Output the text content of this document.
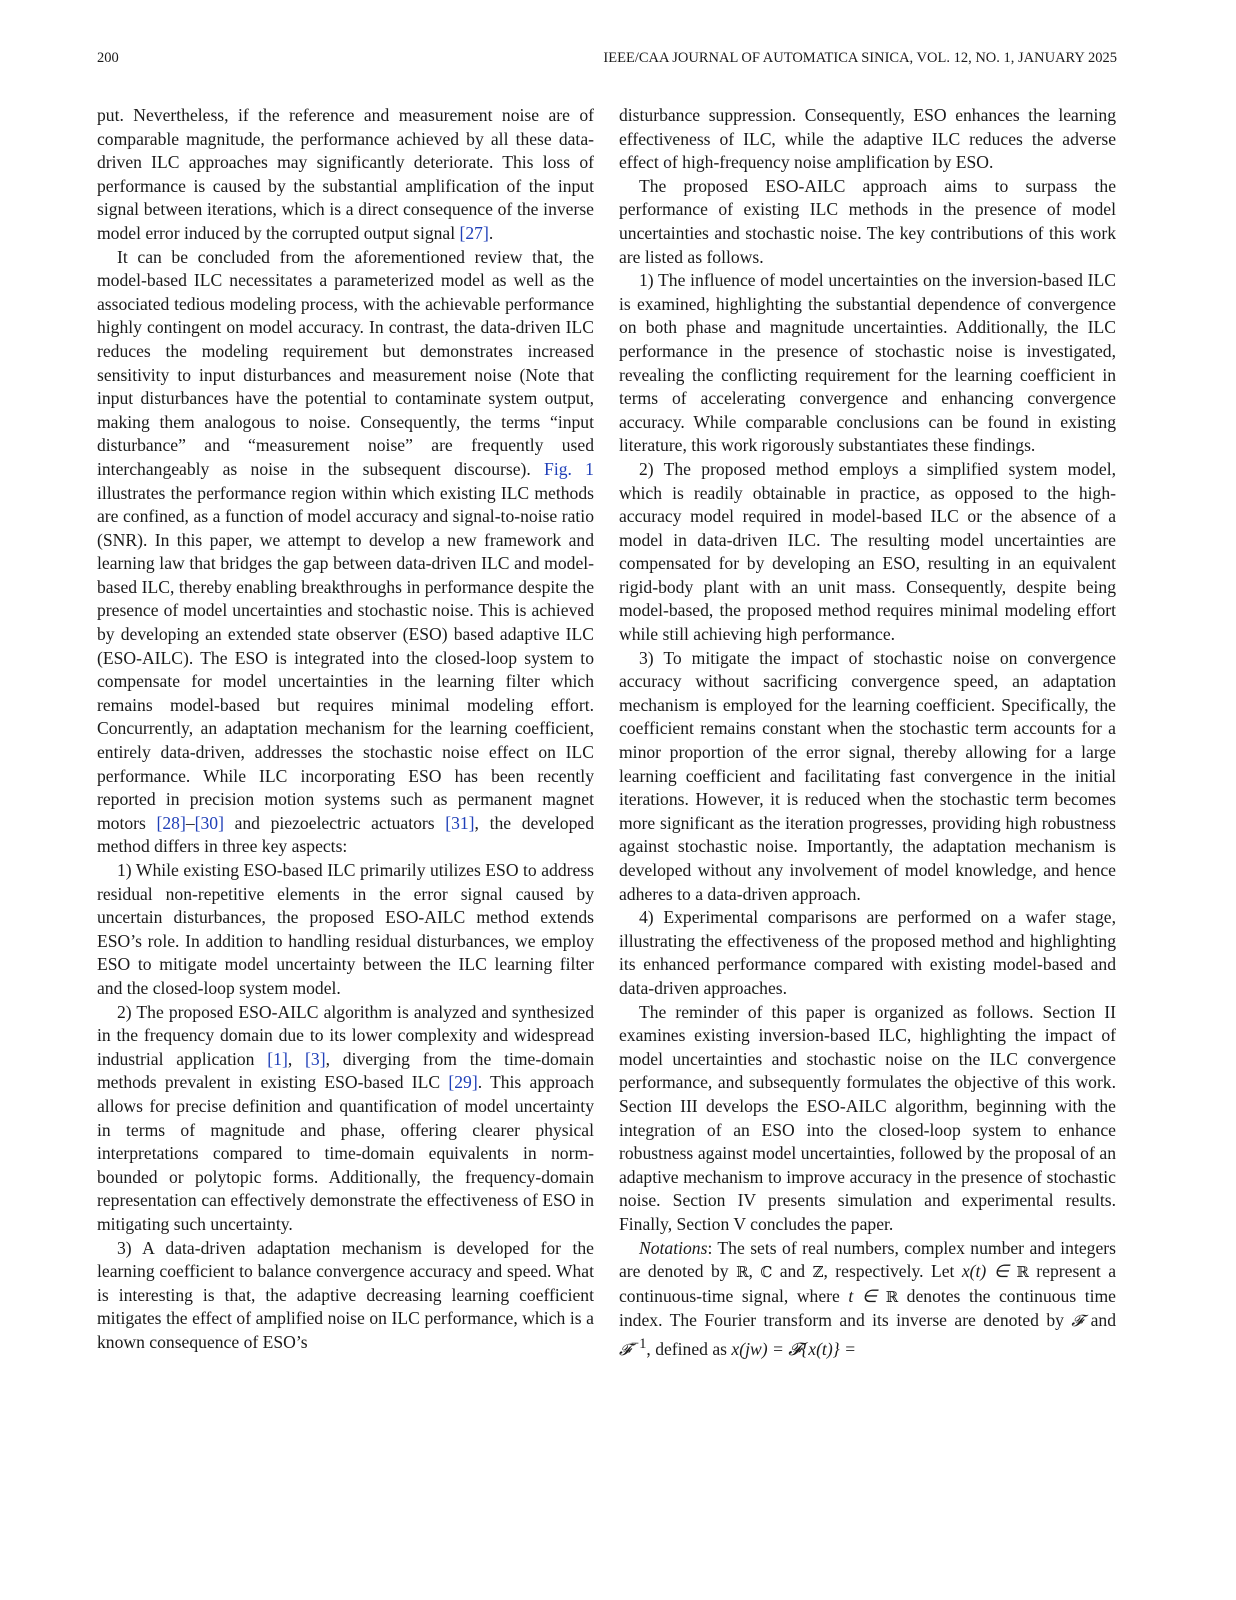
200	IEEE/CAA JOURNAL OF AUTOMATICA SINICA, VOL. 12, NO. 1, JANUARY 2025

put. Nevertheless, if the reference and measurement noise are of comparable magnitude, the performance achieved by all these data-driven ILC approaches may significantly deteriorate. This loss of performance is caused by the substantial amplification of the input signal between iterations, which is a direct consequence of the inverse model error induced by the corrupted output signal [27].

It can be concluded from the aforementioned review that, the model-based ILC necessitates a parameterized model as well as the associated tedious modeling process, with the achievable performance highly contingent on model accuracy. In contrast, the data-driven ILC reduces the modeling requirement but demonstrates increased sensitivity to input disturbances and measurement noise (Note that input disturbances have the potential to contaminate system output, making them analogous to noise. Consequently, the terms “input disturbance” and “measurement noise” are frequently used interchangeably as noise in the subsequent discourse). Fig. 1 illustrates the performance region within which existing ILC methods are confined, as a function of model accuracy and signal-to-noise ratio (SNR). In this paper, we attempt to develop a new framework and learning law that bridges the gap between data-driven ILC and model-based ILC, thereby enabling breakthroughs in performance despite the presence of model uncertainties and stochastic noise. This is achieved by developing an extended state observer (ESO) based adaptive ILC (ESO-AILC). The ESO is integrated into the closed-loop system to compensate for model uncertainties in the learning filter which remains model-based but requires minimal modeling effort. Concurrently, an adaptation mechanism for the learning coefficient, entirely data-driven, addresses the stochastic noise effect on ILC performance. While ILC incorporating ESO has been recently reported in precision motion systems such as permanent magnet motors [28]–[30] and piezoelectric actuators [31], the developed method differs in three key aspects:

1) While existing ESO-based ILC primarily utilizes ESO to address residual non-repetitive elements in the error signal caused by uncertain disturbances, the proposed ESO-AILC method extends ESO’s role. In addition to handling residual disturbances, we employ ESO to mitigate model uncertainty between the ILC learning filter and the closed-loop system model.

2) The proposed ESO-AILC algorithm is analyzed and synthesized in the frequency domain due to its lower complexity and widespread industrial application [1], [3], diverging from the time-domain methods prevalent in existing ESO-based ILC [29]. This approach allows for precise definition and quantification of model uncertainty in terms of magnitude and phase, offering clearer physical interpretations compared to time-domain equivalents in norm-bounded or polytopic forms. Additionally, the frequency-domain representation can effectively demonstrate the effectiveness of ESO in mitigating such uncertainty.

3) A data-driven adaptation mechanism is developed for the learning coefficient to balance convergence accuracy and speed. What is interesting is that, the adaptive decreasing learning coefficient mitigates the effect of amplified noise on ILC performance, which is a known consequence of ESO’s

disturbance suppression. Consequently, ESO enhances the learning effectiveness of ILC, while the adaptive ILC reduces the adverse effect of high-frequency noise amplification by ESO.

The proposed ESO-AILC approach aims to surpass the performance of existing ILC methods in the presence of model uncertainties and stochastic noise. The key contributions of this work are listed as follows.

1) The influence of model uncertainties on the inversion-based ILC is examined, highlighting the substantial dependence of convergence on both phase and magnitude uncertainties. Additionally, the ILC performance in the presence of stochastic noise is investigated, revealing the conflicting requirement for the learning coefficient in terms of accelerating convergence and enhancing convergence accuracy. While comparable conclusions can be found in existing literature, this work rigorously substantiates these findings.

2) The proposed method employs a simplified system model, which is readily obtainable in practice, as opposed to the high-accuracy model required in model-based ILC or the absence of a model in data-driven ILC. The resulting model uncertainties are compensated for by developing an ESO, resulting in an equivalent rigid-body plant with an unit mass. Consequently, despite being model-based, the proposed method requires minimal modeling effort while still achieving high performance.

3) To mitigate the impact of stochastic noise on convergence accuracy without sacrificing convergence speed, an adaptation mechanism is employed for the learning coefficient. Specifically, the coefficient remains constant when the stochastic term accounts for a minor proportion of the error signal, thereby allowing for a large learning coefficient and facilitating fast convergence in the initial iterations. However, it is reduced when the stochastic term becomes more significant as the iteration progresses, providing high robustness against stochastic noise. Importantly, the adaptation mechanism is developed without any involvement of model knowledge, and hence adheres to a data-driven approach.

4) Experimental comparisons are performed on a wafer stage, illustrating the effectiveness of the proposed method and highlighting its enhanced performance compared with existing model-based and data-driven approaches.

The reminder of this paper is organized as follows. Section II examines existing inversion-based ILC, highlighting the impact of model uncertainties and stochastic noise on the ILC convergence performance, and subsequently formulates the objective of this work. Section III develops the ESO-AILC algorithm, beginning with the integration of an ESO into the closed-loop system to enhance robustness against model uncertainties, followed by the proposal of an adaptive mechanism to improve accuracy in the presence of stochastic noise. Section IV presents simulation and experimental results. Finally, Section V concludes the paper.

Notations: The sets of real numbers, complex number and integers are denoted by ℝ, ℂ and ℤ, respectively. Let x(t) ∈ ℝ represent a continuous-time signal, where t ∈ ℝ denotes the continuous time index. The Fourier transform and its inverse are denoted by 𝓕 and 𝓕$^{-1}$, defined as x(jw) = 𝓕{x(t)} =
